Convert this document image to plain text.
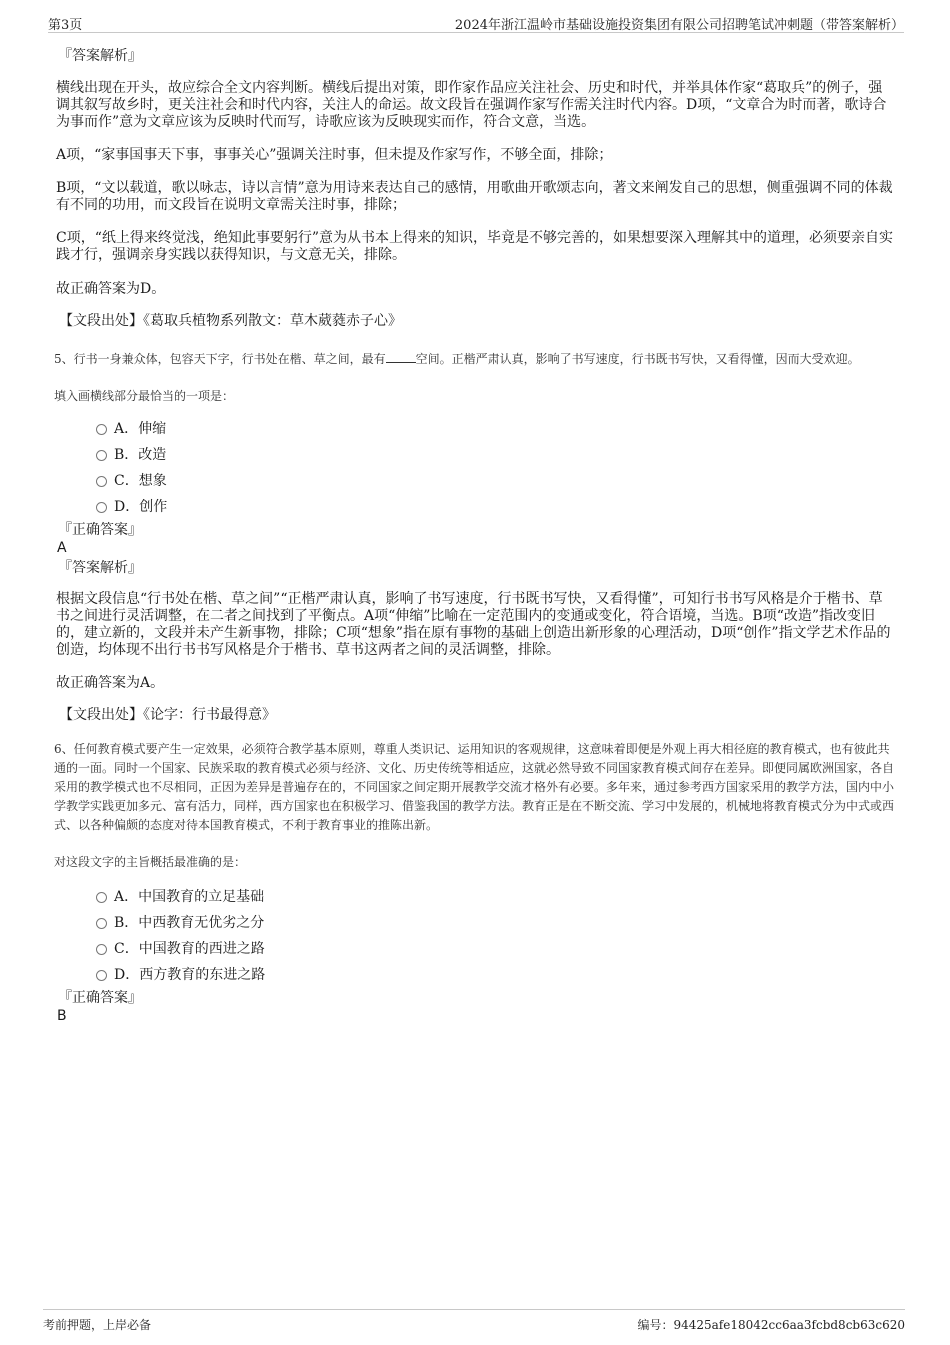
第3页	2024年浙江温岭市基础设施投资集团有限公司招聘笔试冲刺题（带答案解析）

『答案解析』

横线出现在开头，故应综合全文内容判断。横线后提出对策，即作家作品应关注社会、历史和时代，并举具体作家“葛取兵”的例子，强调其叙写故乡时，更关注社会和时代内容，关注人的命运。故文段旨在强调作家写作需关注时代内容。D项，“文章合为时而著，歌诗合为事而作”意为文章应该为反映时代而写，诗歌应该为反映现实而作，符合文意，当选。

A项，“家事国事天下事，事事关心”强调关注时事，但未提及作家写作，不够全面，排除；

B项，“文以载道，歌以咏志，诗以言情”意为用诗来表达自己的感情，用歌曲开歌颂志向，著文来阐发自己的思想，侧重强调不同的体裁有不同的功用，而文段旨在说明文章需关注时事，排除；

C项，“纸上得来终觉浅，绝知此事要躬行”意为从书本上得来的知识，毕竟是不够完善的，如果想要深入理解其中的道理，必须要亲自实践才行，强调亲身实践以获得知识，与文意无关，排除。

故正确答案为D。

【文段出处】《葛取兵植物系列散文：草木葳蕤赤子心》

5、行书一身兼众体，包容天下字，行书处在楷、草之间，最有	空间。正楷严肃认真，影响了书写速度，行书既书写快，又看得懂，因而大受欢迎。

填入画横线部分最恰当的一项是：

A．伸缩
B．改造
C．想象
D．创作

『正确答案』

A

『答案解析』

根据文段信息“行书处在楷、草之间”“正楷严肃认真，影响了书写速度，行书既书写快，又看得懂”，可知行书书写风格是介于楷书、草书之间进行灵活调整，在二者之间找到了平衡点。A项“伸缩”比喻在一定范围内的变通或变化，符合语境，当选。B项“改造”指改变旧的，建立新的，文段并未产生新事物，排除；C项“想象”指在原有事物的基础上创造出新形象的心理活动，D项“创作”指文学艺术作品的创造，均体现不出行书书写风格是介于楷书、草书这两者之间的灵活调整，排除。

故正确答案为A。

【文段出处】《论字：行书最得意》

6、任何教育模式要产生一定效果，必须符合教学基本原则，尊重人类识记、运用知识的客观规律，这意味着即便是外观上再大相径庭的教育模式，也有彼此共通的一面。同时一个国家、民族采取的教育模式必须与经济、文化、历史传统等相适应，这就必然导致不同国家教育模式间存在差异。即便同属欧洲国家，各自采用的教学模式也不尽相同，正因为差异是普遍存在的，不同国家之间定期开展教学交流才格外有必要。多年来，通过参考西方国家采用的教学方法，国内中小学教学实践更加多元、富有活力，同样，西方国家也在积极学习、借鉴我国的教学方法。教育正是在不断交流、学习中发展的，机械地将教育模式分为中式或西式、以各种偏颇的态度对待本国教育模式，不利于教育事业的推陈出新。

对这段文字的主旨概括最准确的是：

A．中国教育的立足基础
B．中西教育无优劣之分
C．中国教育的西进之路
D．西方教育的东进之路

『正确答案』

B

考前押题，上岸必备	编号：94425afe18042cc6aa3fcbd8cb63c620
